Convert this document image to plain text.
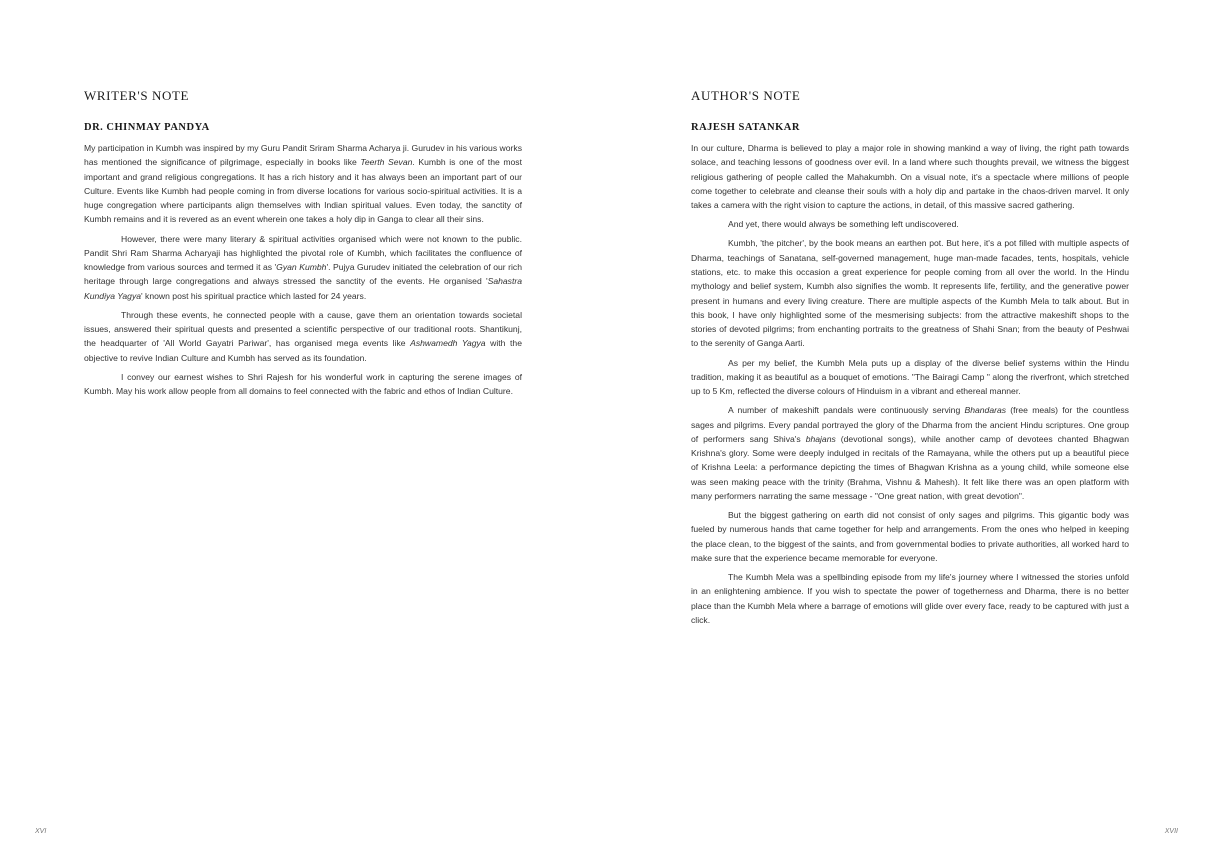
WRITER'S NOTE
DR. CHINMAY PANDYA

My participation in Kumbh was inspired by my Guru Pandit Sriram Sharma Acharya ji. Gurudev in his various works has mentioned the significance of pilgrimage, especially in books like Teerth Sevan. Kumbh is one of the most important and grand religious congregations. It has a rich history and it has always been an important part of our Culture. Events like Kumbh had people coming in from diverse locations for various socio-spiritual activities. It is a huge congregation where participants align themselves with Indian spiritual values. Even today, the sanctity of Kumbh remains and it is revered as an event wherein one takes a holy dip in Ganga to clear all their sins.

However, there were many literary & spiritual activities organised which were not known to the public. Pandit Shri Ram Sharma Acharyaji has highlighted the pivotal role of Kumbh, which facilitates the confluence of knowledge from various sources and termed it as 'Gyan Kumbh'. Pujya Gurudev initiated the celebration of our rich heritage through large congregations and always stressed the sanctity of the events. He organised 'Sahastra Kundiya Yagya' known post his spiritual practice which lasted for 24 years.

Through these events, he connected people with a cause, gave them an orientation towards societal issues, answered their spiritual quests and presented a scientific perspective of our traditional roots. Shantikunj, the headquarter of 'All World Gayatri Pariwar', has organised mega events like Ashwamedh Yagya with the objective to revive Indian Culture and Kumbh has served as its foundation.

I convey our earnest wishes to Shri Rajesh for his wonderful work in capturing the serene images of Kumbh. May his work allow people from all domains to feel connected with the fabric and ethos of Indian Culture.

AUTHOR'S NOTE
RAJESH SATANKAR

In our culture, Dharma is believed to play a major role in showing mankind a way of living, the right path towards solace, and teaching lessons of goodness over evil. In a land where such thoughts prevail, we witness the biggest religious gathering of people called the Mahakumbh. On a visual note, it's a spectacle where millions of people come together to celebrate and cleanse their souls with a holy dip and partake in the chaos-driven marvel. It only takes a camera with the right vision to capture the actions, in detail, of this massive sacred gathering.

And yet, there would always be something left undiscovered.

Kumbh, 'the pitcher', by the book means an earthen pot. But here, it's a pot filled with multiple aspects of Dharma, teachings of Sanatana, self-governed management, huge man-made facades, tents, hospitals, vehicle stations, etc. to make this occasion a great experience for people coming from all over the world. In the Hindu mythology and belief system, Kumbh also signifies the womb. It represents life, fertility, and the generative power present in humans and every living creature. There are multiple aspects of the Kumbh Mela to talk about. But in this book, I have only highlighted some of the mesmerising subjects: from the attractive makeshift shops to the stories of devoted pilgrims; from enchanting portraits to the greatness of Shahi Snan; from the beauty of Peshwai to the serenity of Ganga Aarti.

As per my belief, the Kumbh Mela puts up a display of the diverse belief systems within the Hindu tradition, making it as beautiful as a bouquet of emotions. "The Bairagi Camp " along the riverfront, which stretched up to 5 Km, reflected the diverse colours of Hinduism in a vibrant and ethereal manner.

A number of makeshift pandals were continuously serving Bhandaras (free meals) for the countless sages and pilgrims. Every pandal portrayed the glory of the Dharma from the ancient Hindu scriptures. One group of performers sang Shiva's bhajans (devotional songs), while another camp of devotees chanted Bhagwan Krishna's glory. Some were deeply indulged in recitals of the Ramayana, while the others put up a beautiful piece of Krishna Leela: a performance depicting the times of Bhagwan Krishna as a young child, while someone else was seen making peace with the trinity (Brahma, Vishnu & Mahesh). It felt like there was an open platform with many performers narrating the same message - "One great nation, with great devotion".

But the biggest gathering on earth did not consist of only sages and pilgrims. This gigantic body was fueled by numerous hands that came together for help and arrangements. From the ones who helped in keeping the place clean, to the biggest of the saints, and from governmental bodies to private authorities, all worked hard to make sure that the experience became memorable for everyone.

The Kumbh Mela was a spellbinding episode from my life's journey where I witnessed the stories unfold in an enlightening ambience. If you wish to spectate the power of togetherness and Dharma, there is no better place than the Kumbh Mela where a barrage of emotions will glide over every face, ready to be captured with just a click.

XVI	XVII
